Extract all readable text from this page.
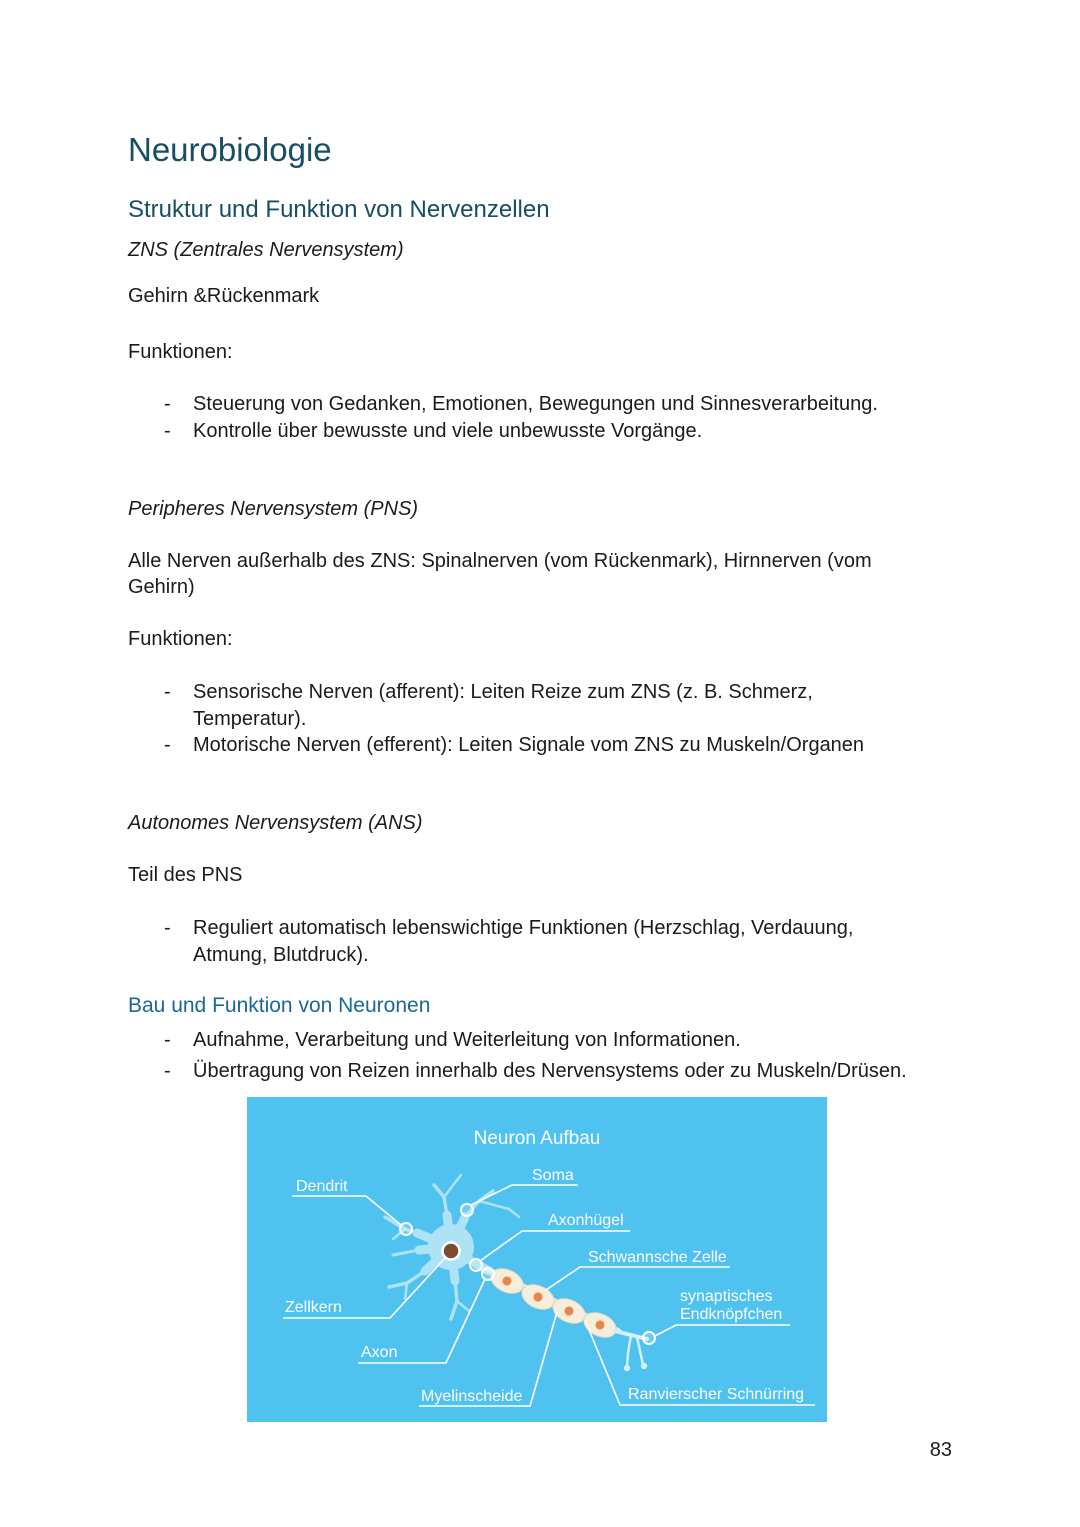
Neurobiologie
Struktur und Funktion von Nervenzellen

ZNS (Zentrales Nervensystem)

Gehirn &Rückenmark

Funktionen:

- Steuerung von Gedanken, Emotionen, Bewegungen und Sinnesverarbeitung.
- Kontrolle über bewusste und viele unbewusste Vorgänge.

Peripheres Nervensystem (PNS)

Alle Nerven außerhalb des ZNS: Spinalnerven (vom Rückenmark), Hirnnerven (vom
Gehirn)

Funktionen:

- Sensorische Nerven (afferent): Leiten Reize zum ZNS (z. B. Schmerz,
Temperatur).
- Motorische Nerven (efferent): Leiten Signale vom ZNS zu Muskeln/Organen

Autonomes Nervensystem (ANS)

Teil des PNS

- Reguliert automatisch lebenswichtige Funktionen (Herzschlag, Verdauung,
Atmung, Blutdruck).
Bau und Funktion von Neuronen
- Aufnahme, Verarbeitung und Weiterleitung von Informationen.
- Übertragung von Reizen innerhalb des Nervensystems oder zu Muskeln/Drüsen.
Neuron Aufbau
Dendrit
Soma
Axonhügel
Schwannsche Zelle
synaptisches
Endknöpfchen
Zellkern
Axon
Myelinscheide	Ranvierscher Schnürring
83
